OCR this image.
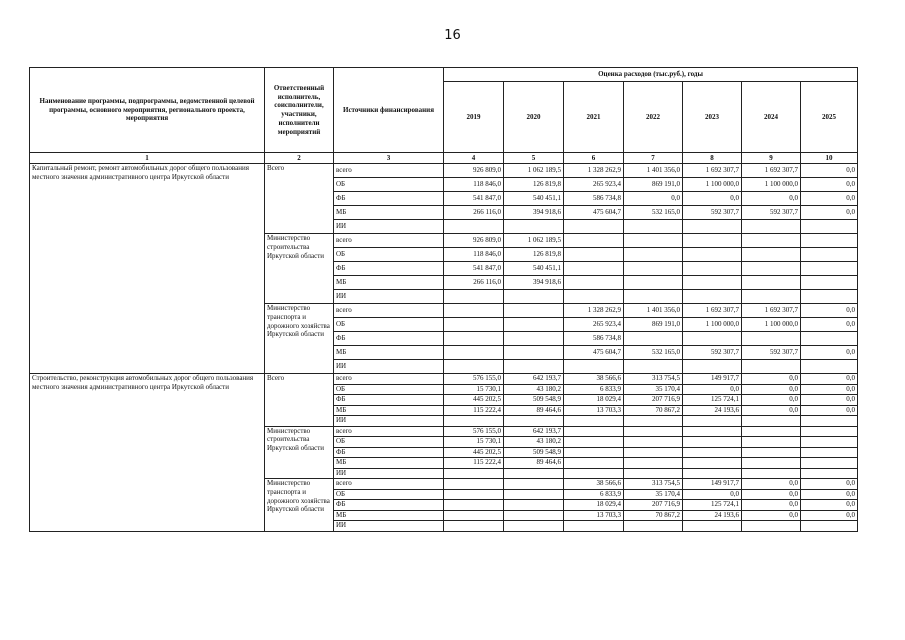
16
Наименование программы, подпрограммы, ведомственной целевой программы, основного мероприятия, регионального проекта, мероприятия	Ответственный исполнитель, соисполнители, участники, исполнители мероприятий	Источники финансирования	Оценка расходов (тыс.руб.), годы						
			2019	2020	2021	2022	2023	2024	2025
1	2	3	4	5	6	7	8	9	10
Капитальный ремонт, ремонт автомобильных дорог общего пользования местного значения административного центра Иркутской области	Всего	всего	926 809,0	1 062 189,5	1 328 262,9	1 401 356,0	1 692 307,7	1 692 307,7	0,0
		ОБ	118 846,0	126 819,8	265 923,4	869 191,0	1 100 000,0	1 100 000,0	0,0
		ФБ	541 847,0	540 451,1	586 734,8	0,0	0,0	0,0	0,0
		МБ	266 116,0	394 918,6	475 604,7	532 165,0	592 307,7	592 307,7	0,0
		ИИ							
	Министерство строительства Иркутской области	всего	926 809,0	1 062 189,5					
		ОБ	118 846,0	126 819,8					
		ФБ	541 847,0	540 451,1					
		МБ	266 116,0	394 918,6					
		ИИ							
	Министерство транспорта и дорожного хозяйства Иркутской области	всего			1 328 262,9	1 401 356,0	1 692 307,7	1 692 307,7	0,0
		ОБ			265 923,4	869 191,0	1 100 000,0	1 100 000,0	0,0
		ФБ			586 734,8				
		МБ			475 604,7	532 165,0	592 307,7	592 307,7	0,0
		ИИ							
Строительство, реконструкция автомобильных дорог общего пользования местного значения административного центра Иркутской области	Всего	всего	576 155,0	642 193,7	38 566,6	313 754,5	149 917,7	0,0	0,0
		ОБ	15 730,1	43 180,2	6 833,9	35 170,4	0,0	0,0	0,0
		ФБ	445 202,5	509 548,9	18 029,4	207 716,9	125 724,1	0,0	0,0
		МБ	115 222,4	89 464,6	13 703,3	70 867,2	24 193,6	0,0	0,0
		ИИ							
	Министерство строительства Иркутской области	всего	576 155,0	642 193,7					
		ОБ	15 730,1	43 180,2					
		ФБ	445 202,5	509 548,9					
		МБ	115 222,4	89 464,6					
		ИИ							
	Министерство транспорта и дорожного хозяйства Иркутской области	всего			38 566,6	313 754,5	149 917,7	0,0	0,0
		ОБ			6 833,9	35 170,4	0,0	0,0	0,0
		ФБ			18 029,4	207 716,9	125 724,1	0,0	0,0
		МБ			13 703,3	70 867,2	24 193,6	0,0	0,0
		ИИ							
